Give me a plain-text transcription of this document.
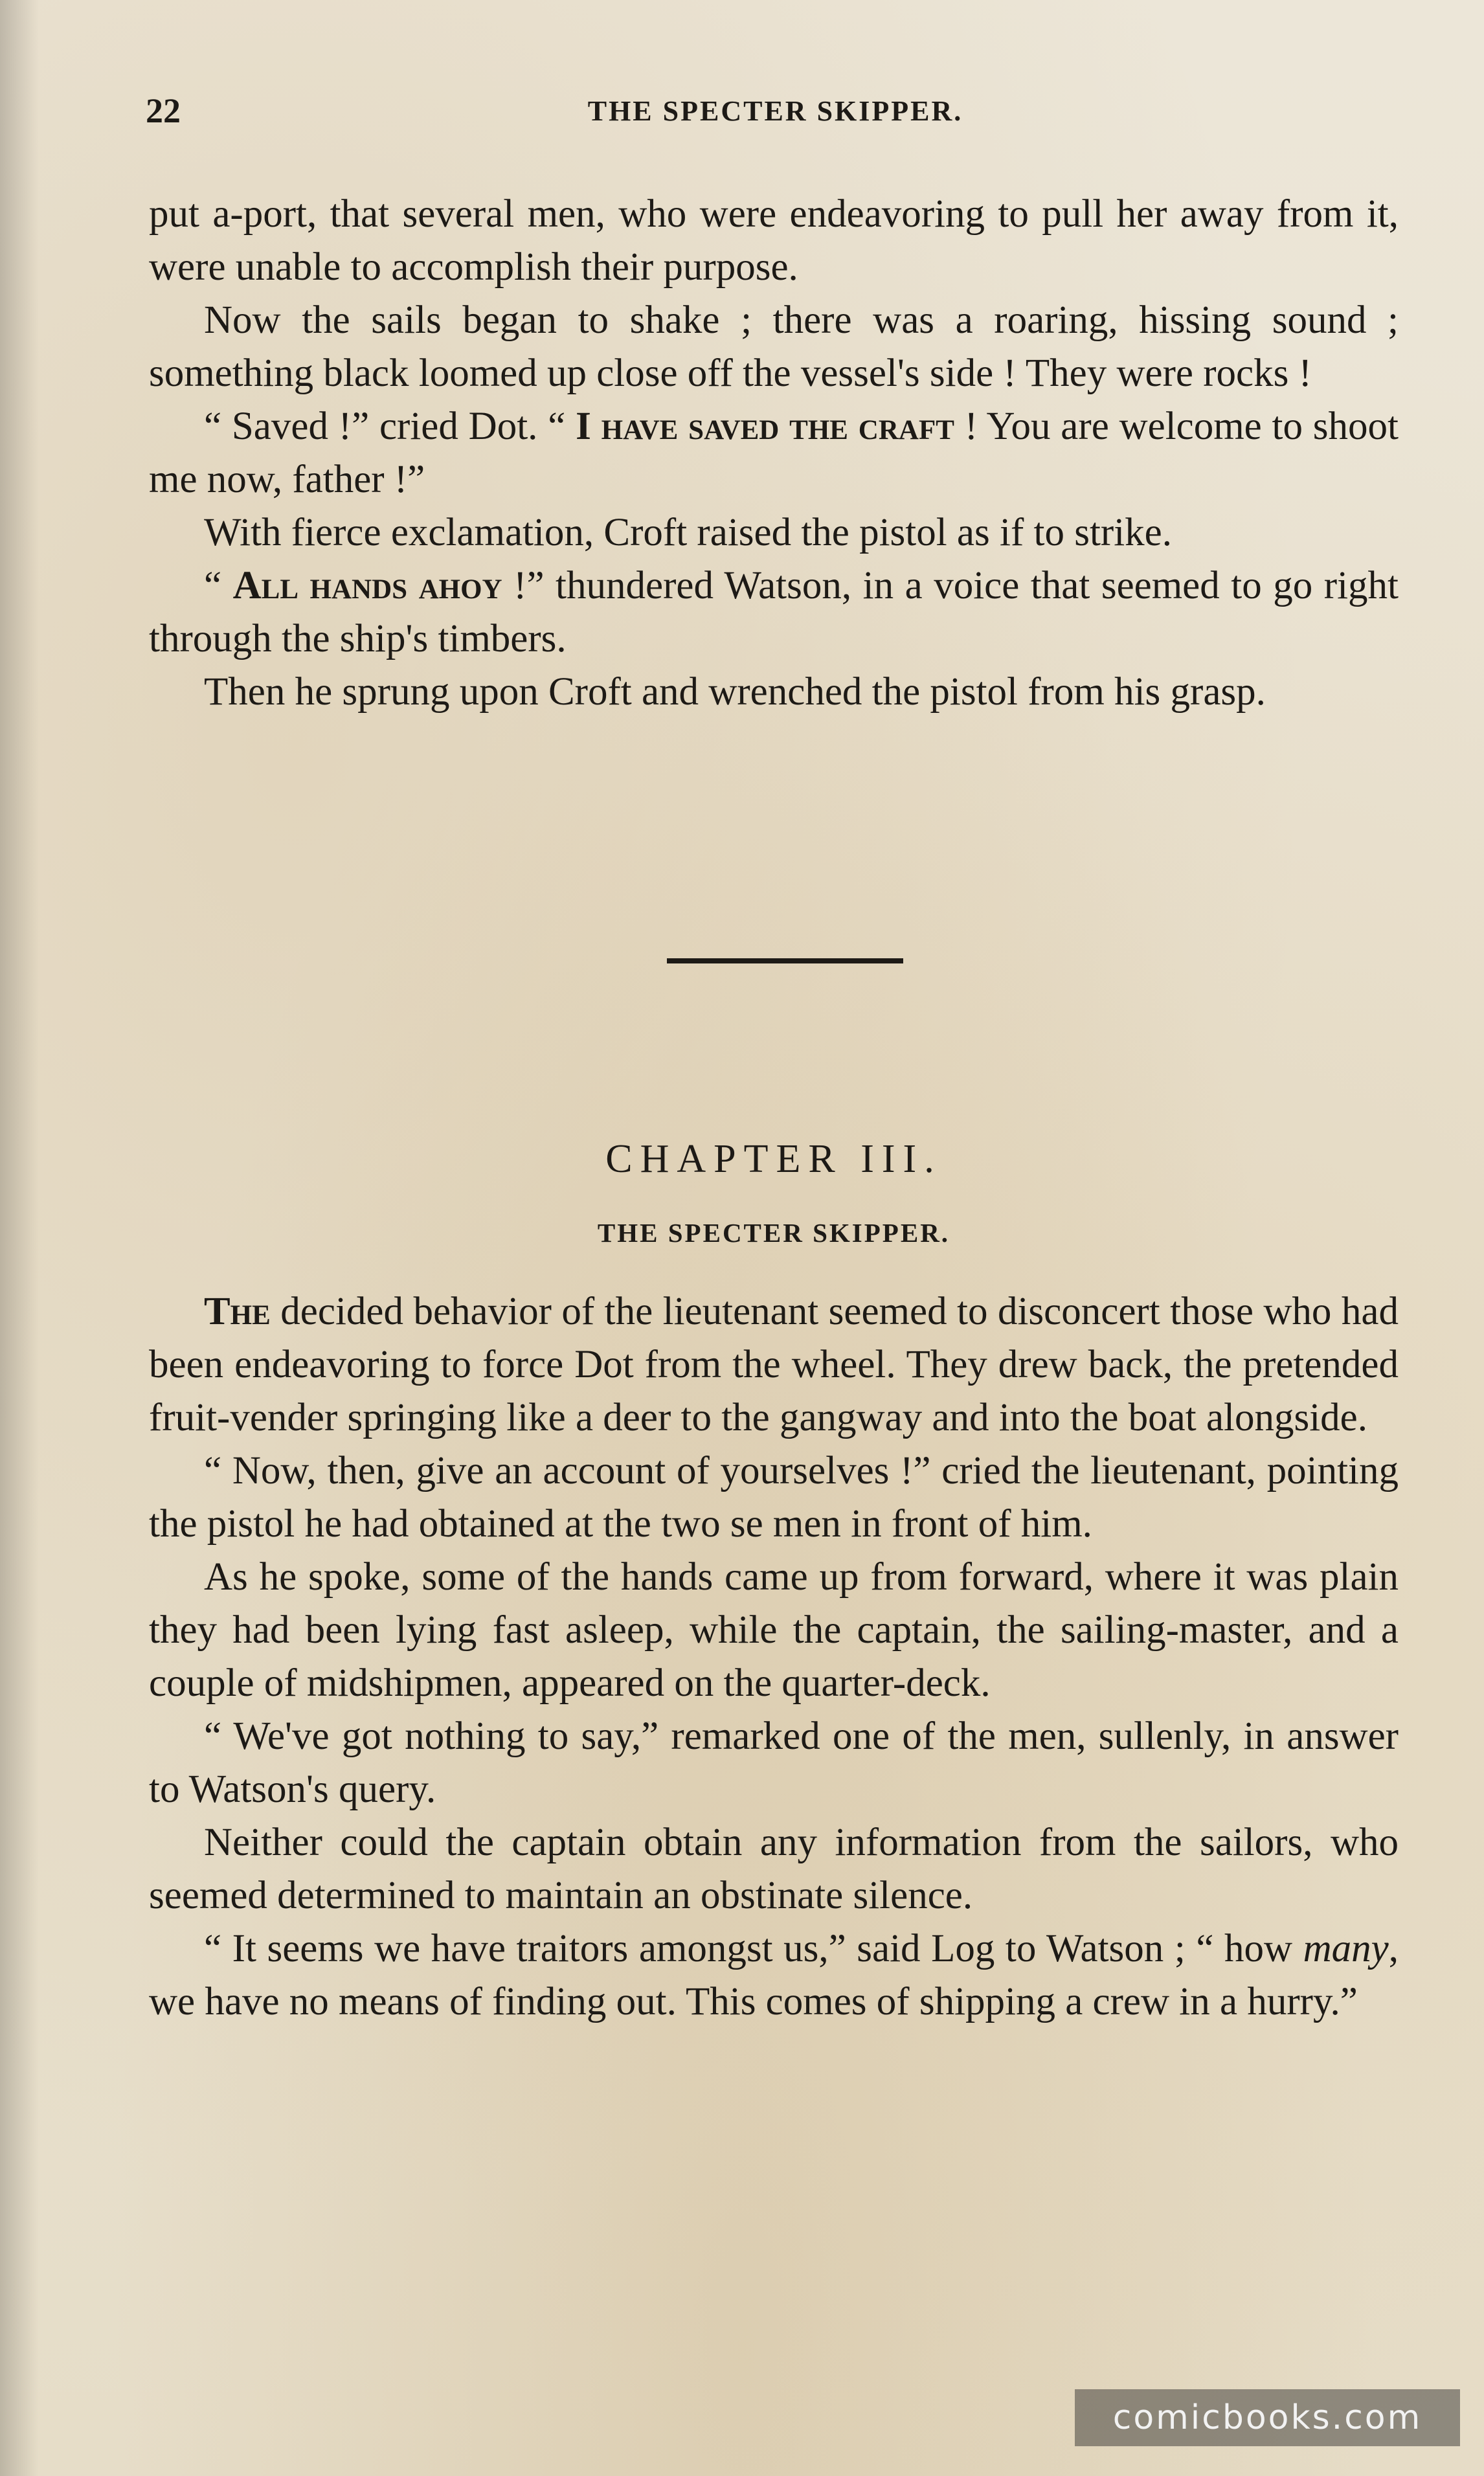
22	THE SPECTER SKIPPER.

put a-port, that several men, who were endeavoring to pull her away from it, were unable to accomplish their purpose.

Now the sails began to shake ; there was a roaring, hissing sound ; something black loomed up close off the vessel's side ! They were rocks !

“ Saved !” cried Dot. “ I have saved the craft ! You are welcome to shoot me now, father !”

With fierce exclamation, Croft raised the pistol as if to strike.

“ All hands ahoy !” thundered Watson, in a voice that seemed to go right through the ship's timbers.

Then he sprung upon Croft and wrenched the pistol from his grasp.

CHAPTER III.
THE SPECTER SKIPPER.

The decided behavior of the lieutenant seemed to disconcert those who had been endeavoring to force Dot from the wheel. They drew back, the pretended fruit-vender springing like a deer to the gangway and into the boat alongside.

“ Now, then, give an account of yourselves !” cried the lieutenant, pointing the pistol he had obtained at the two se men in front of him.

As he spoke, some of the hands came up from forward, where it was plain they had been lying fast asleep, while the captain, the sailing-master, and a couple of midshipmen, appeared on the quarter-deck.

“ We've got nothing to say,” remarked one of the men, sullenly, in answer to Watson's query.

Neither could the captain obtain any information from the sailors, who seemed determined to maintain an obstinate silence.

“ It seems we have traitors amongst us,” said Log to Watson ; “ how many, we have no means of finding out. This comes of shipping a crew in a hurry.”

comicbooks.com
